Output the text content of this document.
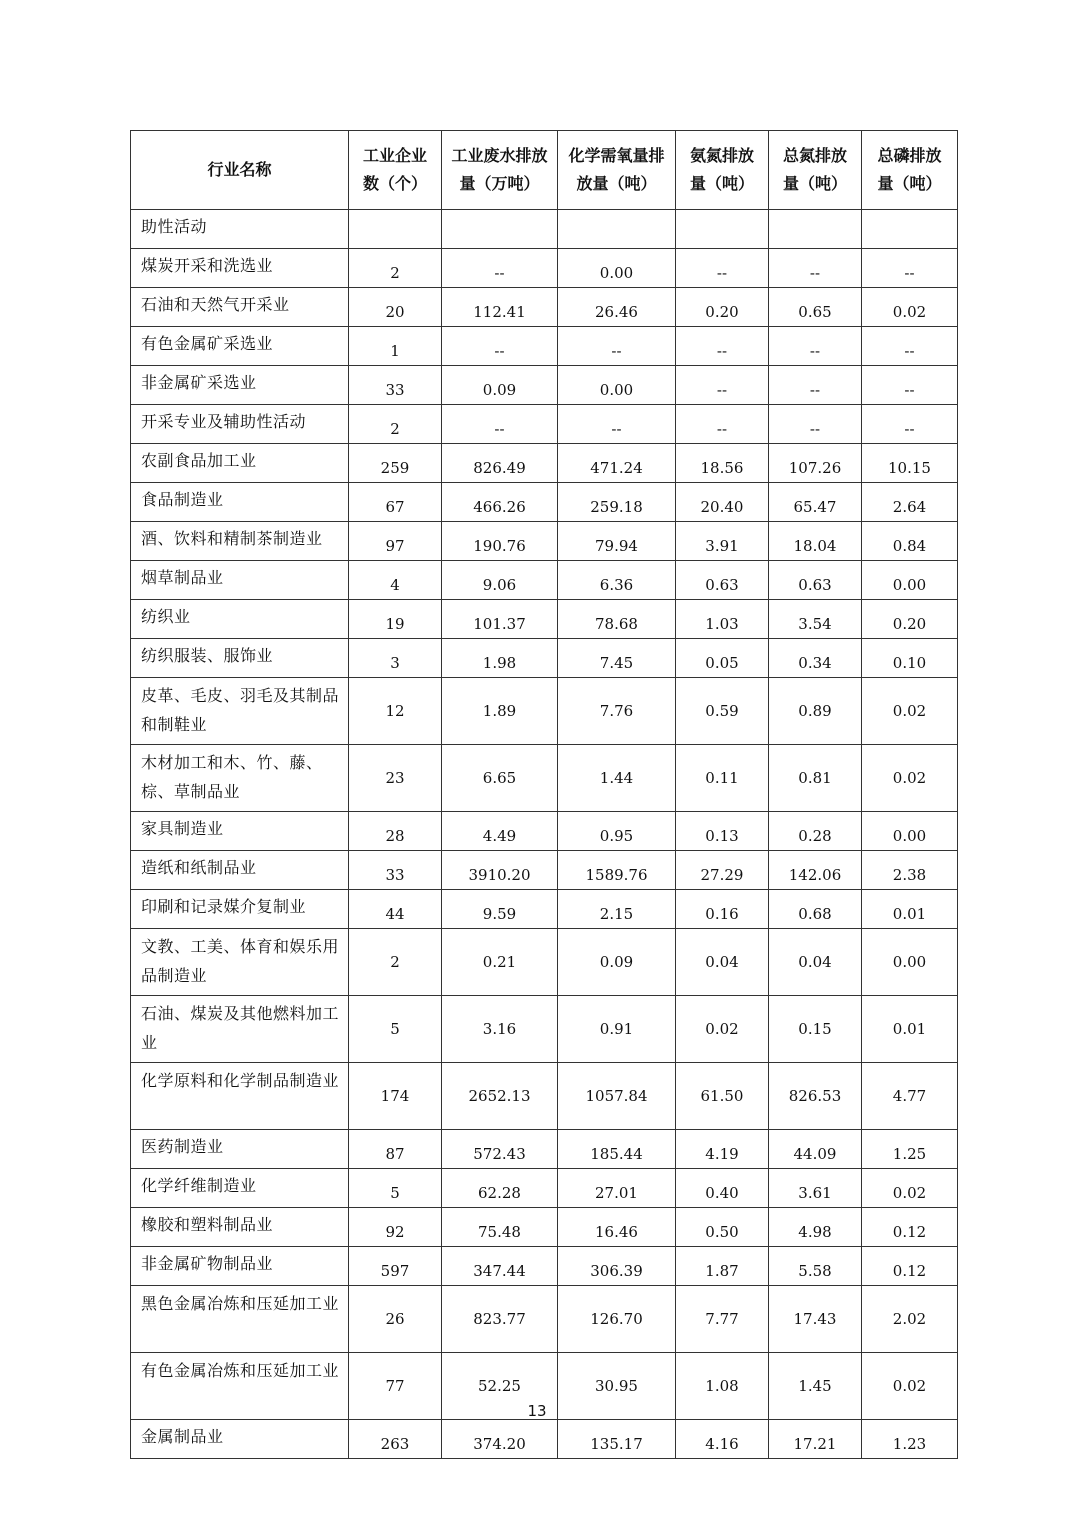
行业名称	工业企业数（个）	工业废水排放量（万吨）	化学需氧量排放量（吨）	氨氮排放量（吨）	总氮排放量（吨）	总磷排放量（吨）
助性活动						
煤炭开采和洗选业	2	--	0.00	--	--	--
石油和天然气开采业	20	112.41	26.46	0.20	0.65	0.02
有色金属矿采选业	1	--	--	--	--	--
非金属矿采选业	33	0.09	0.00	--	--	--
开采专业及辅助性活动	2	--	--	--	--	--
农副食品加工业	259	826.49	471.24	18.56	107.26	10.15
食品制造业	67	466.26	259.18	20.40	65.47	2.64
酒、饮料和精制茶制造业	97	190.76	79.94	3.91	18.04	0.84
烟草制品业	4	9.06	6.36	0.63	0.63	0.00
纺织业	19	101.37	78.68	1.03	3.54	0.20
纺织服装、服饰业	3	1.98	7.45	0.05	0.34	0.10
皮革、毛皮、羽毛及其制品和制鞋业	12	1.89	7.76	0.59	0.89	0.02
木材加工和木、竹、藤、棕、草制品业	23	6.65	1.44	0.11	0.81	0.02
家具制造业	28	4.49	0.95	0.13	0.28	0.00
造纸和纸制品业	33	3910.20	1589.76	27.29	142.06	2.38
印刷和记录媒介复制业	44	9.59	2.15	0.16	0.68	0.01
文教、工美、体育和娱乐用品制造业	2	0.21	0.09	0.04	0.04	0.00
石油、煤炭及其他燃料加工业	5	3.16	0.91	0.02	0.15	0.01
化学原料和化学制品制造业	174	2652.13	1057.84	61.50	826.53	4.77
医药制造业	87	572.43	185.44	4.19	44.09	1.25
化学纤维制造业	5	62.28	27.01	0.40	3.61	0.02
橡胶和塑料制品业	92	75.48	16.46	0.50	4.98	0.12
非金属矿物制品业	597	347.44	306.39	1.87	5.58	0.12
黑色金属冶炼和压延加工业	26	823.77	126.70	7.77	17.43	2.02
有色金属冶炼和压延加工业	77	52.25	30.95	1.08	1.45	0.02
金属制品业	263	374.20	135.17	4.16	17.21	1.23
13
